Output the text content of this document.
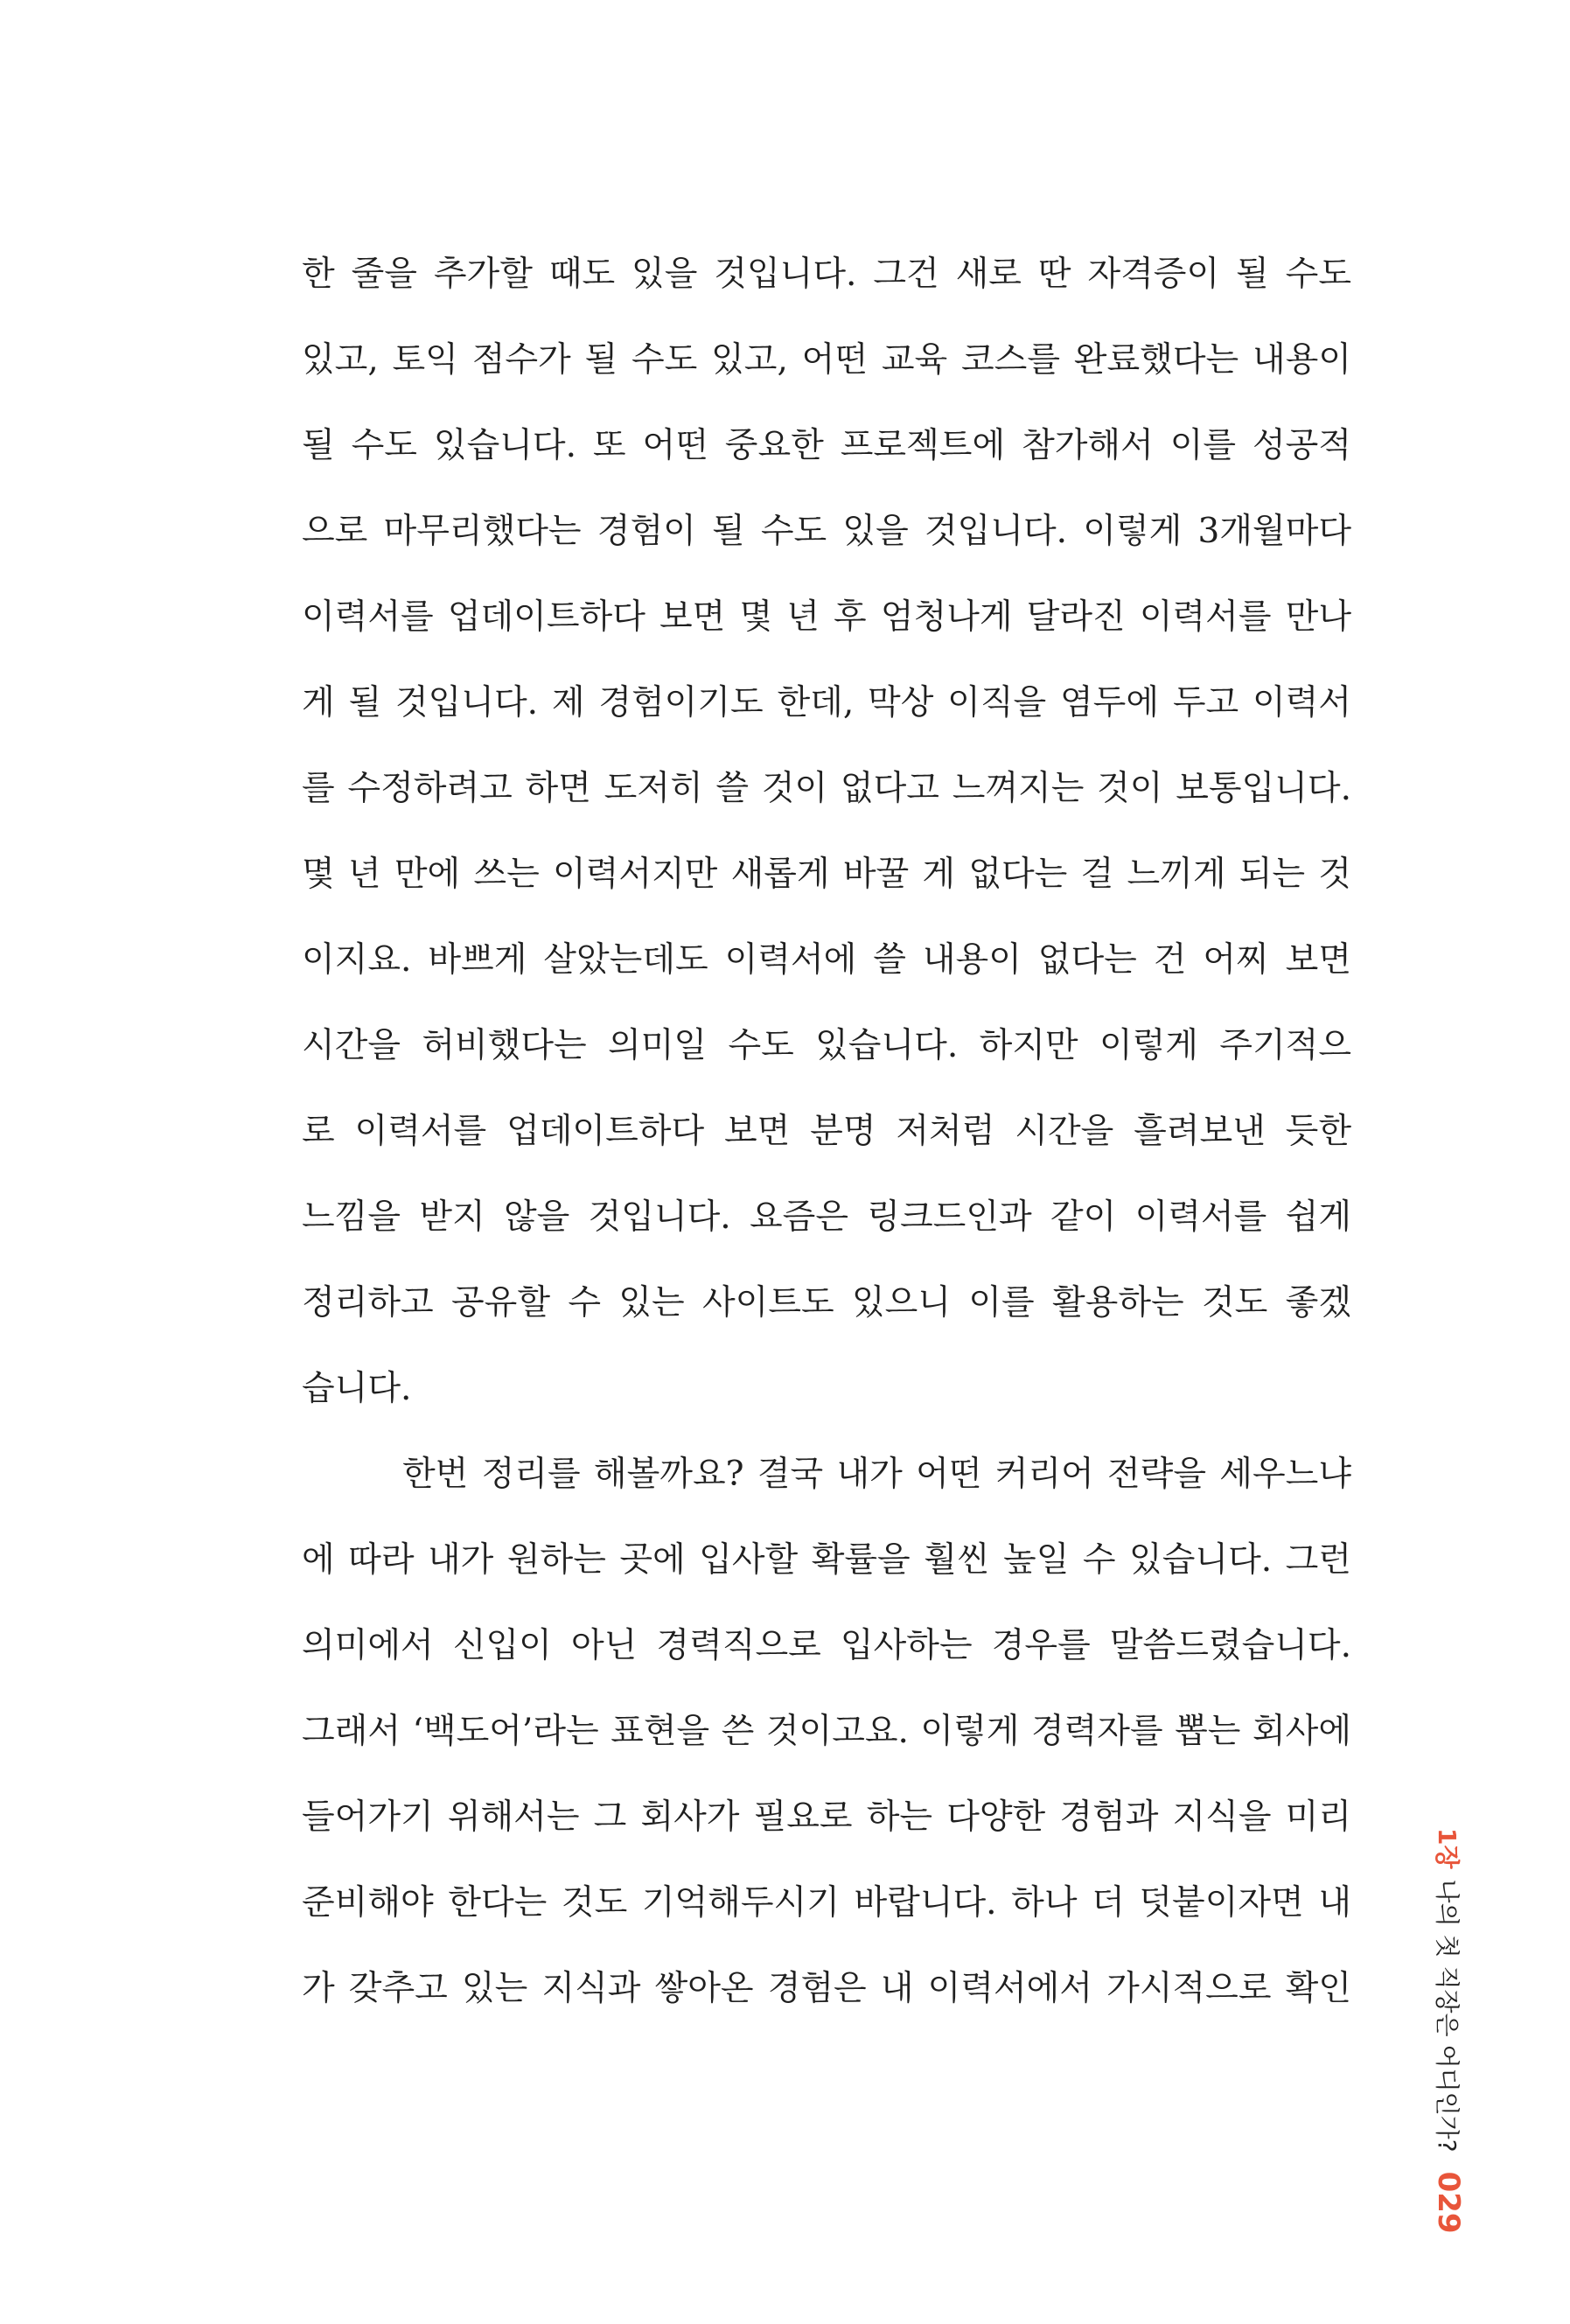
한 줄을 추가할 때도 있을 것입니다. 그건 새로 딴 자격증이 될 수도
있고, 토익 점수가 될 수도 있고, 어떤 교육 코스를 완료했다는 내용이
될 수도 있습니다. 또 어떤 중요한 프로젝트에 참가해서 이를 성공적
으로 마무리했다는 경험이 될 수도 있을 것입니다. 이렇게 3개월마다
이력서를 업데이트하다 보면 몇 년 후 엄청나게 달라진 이력서를 만나
게 될 것입니다. 제 경험이기도 한데, 막상 이직을 염두에 두고 이력서
를 수정하려고 하면 도저히 쓸 것이 없다고 느껴지는 것이 보통입니다.
몇 년 만에 쓰는 이력서지만 새롭게 바꿀 게 없다는 걸 느끼게 되는 것
이지요. 바쁘게 살았는데도 이력서에 쓸 내용이 없다는 건 어찌 보면
시간을 허비했다는 의미일 수도 있습니다. 하지만 이렇게 주기적으
로 이력서를 업데이트하다 보면 분명 저처럼 시간을 흘려보낸 듯한
느낌을 받지 않을 것입니다. 요즘은 링크드인과 같이 이력서를 쉽게
정리하고 공유할 수 있는 사이트도 있으니 이를 활용하는 것도 좋겠
습니다.
한번 정리를 해볼까요? 결국 내가 어떤 커리어 전략을 세우느냐
에 따라 내가 원하는 곳에 입사할 확률을 훨씬 높일 수 있습니다. 그런
의미에서 신입이 아닌 경력직으로 입사하는 경우를 말씀드렸습니다.
그래서 ‘백도어’라는 표현을 쓴 것이고요. 이렇게 경력자를 뽑는 회사에
들어가기 위해서는 그 회사가 필요로 하는 다양한 경험과 지식을 미리
준비해야 한다는 것도 기억해두시기 바랍니다. 하나 더 덧붙이자면 내
가 갖추고 있는 지식과 쌓아온 경험은 내 이력서에서 가시적으로 확인
1장
나의 첫 직장은 어디인가?
029
